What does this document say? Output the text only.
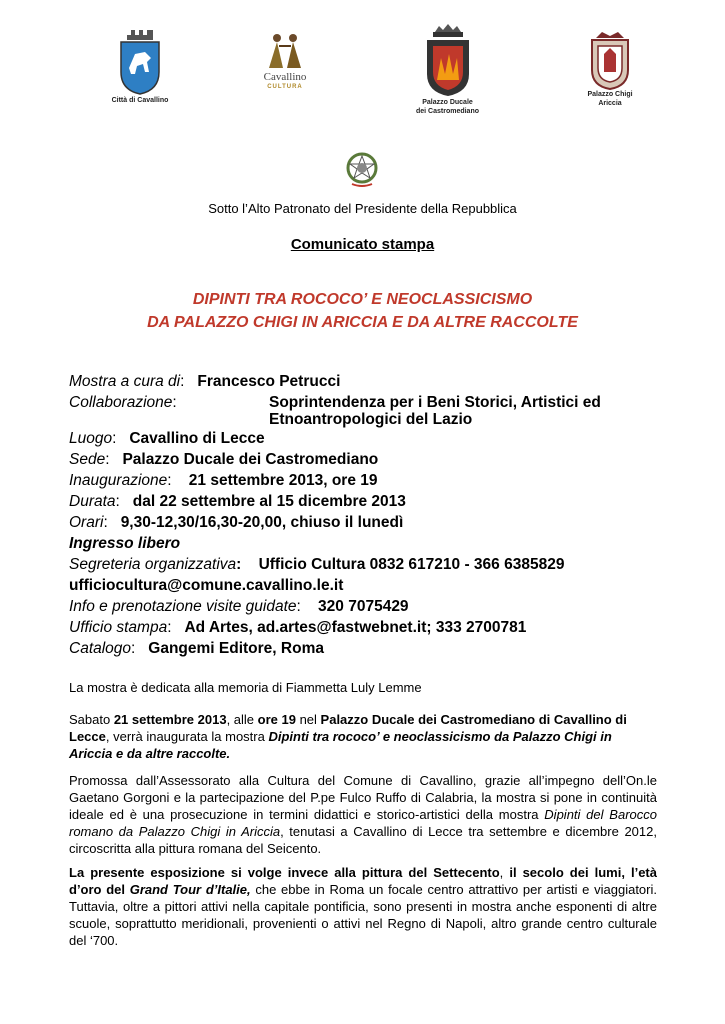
Città di Cavallino
Cavallino
CULTURA
Palazzo Ducale
dei Castromediano
Palazzo Chigi
Ariccia
Sotto l’Alto Patronato del Presidente della Repubblica
Comunicato stampa
DIPINTI TRA ROCOCO’ E NEOCLASSICISMO
DA PALAZZO CHIGI IN ARICCIA E DA ALTRE RACCOLTE
Mostra a cura di:   Francesco Petrucci
Collaborazione:	Soprintendenza per i Beni Storici, Artistici ed
Etnoantropologici del Lazio
Luogo:   Cavallino di Lecce
Sede:   Palazzo Ducale dei Castromediano
Inaugurazione:    21 settembre 2013, ore 19
Durata:   dal 22 settembre al 15 dicembre 2013
Orari:   9,30-12,30/16,30-20,00, chiuso il lunedì
Ingresso libero
Segreteria organizzativa: Ufficio Cultura 0832 617210 - 366 6385829
ufficiocultura@comune.cavallino.le.it
Info e prenotazione visite guidate:    320 7075429
Ufficio stampa:   Ad Artes, ad.artes@fastwebnet.it; 333 2700781
Catalogo:   Gangemi Editore, Roma
La mostra è dedicata alla memoria di Fiammetta Luly Lemme
Sabato 21 settembre 2013, alle ore 19 nel Palazzo Ducale dei Castromediano di Cavallino di Lecce, verrà inaugurata la mostra Dipinti tra rococo’ e neoclassicismo da Palazzo Chigi in Ariccia e da altre raccolte.
Promossa dall’Assessorato alla Cultura del Comune di Cavallino, grazie all’impegno dell’On.le Gaetano Gorgoni e la partecipazione del P.pe Fulco Ruffo di Calabria, la mostra si pone in continuità ideale ed è una prosecuzione in termini didattici e storico-artistici della mostra Dipinti del Barocco romano da Palazzo Chigi in Ariccia, tenutasi a Cavallino di Lecce tra settembre e dicembre 2012, circoscritta alla pittura romana del Seicento.
La presente esposizione si volge invece alla pittura del Settecento, il secolo dei lumi, l’età d’oro del Grand Tour d’Italie, che ebbe in Roma un focale centro attrattivo per artisti e viaggiatori. Tuttavia, oltre a pittori attivi nella capitale pontificia, sono presenti in mostra anche esponenti di altre scuole, soprattutto meridionali, provenienti o attivi nel Regno di Napoli, altro grande centro culturale del ‘700.
